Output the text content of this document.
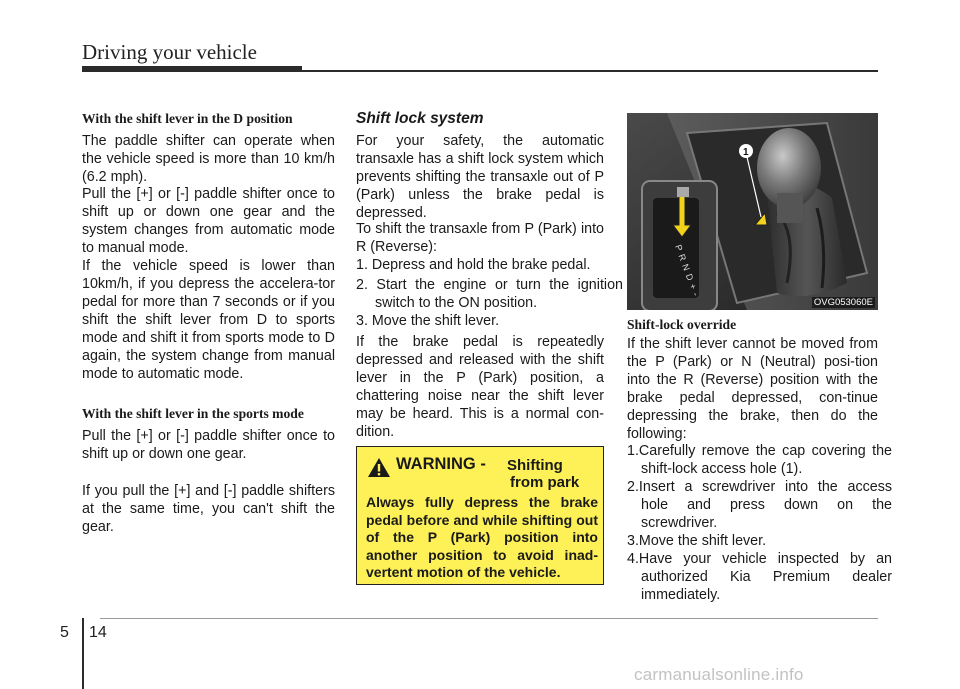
Driving your vehicle

With the shift lever in the D position

The paddle shifter can operate when the vehicle speed is more than 10 km/h (6.2 mph).

Pull the [+] or [-] paddle shifter once to shift up or down one gear and the system changes from automatic mode to manual mode.

If the vehicle speed is lower than 10km/h, if you depress the accelera-tor pedal for more than 7 seconds or if you shift the shift lever from D to sports mode and shift it from sports mode to D again, the system change from manual mode to automatic mode.

With the shift lever in the sports mode

Pull the [+] or [-] paddle shifter once to shift up or down one gear.

If you pull the [+] and [-] paddle shifters at the same time, you can't shift the gear.

Shift lock system

For your safety, the automatic transaxle has a shift lock system which prevents shifting the transaxle out of P (Park) unless the brake pedal is depressed.

To shift the transaxle from P (Park) into R (Reverse):

1. Depress and hold the brake pedal.

2. Start the engine or turn the ignition switch to the ON position.

3. Move the shift lever.

If the brake pedal is repeatedly depressed and released with the shift lever in the P (Park) position, a chattering noise near the shift lever may be heard. This is a normal con-dition.

WARNING - Shifting
from park
Always fully depress the brake pedal before and while shifting out of the P (Park) position into another position to avoid inad-vertent motion of the vehicle.
PRND+-
1
OVG053060E

Shift-lock override

If the shift lever cannot be moved from the P (Park) or N (Neutral) posi-tion into the R (Reverse) position with the brake pedal depressed, con-tinue depressing the brake, then do the following:

1.Carefully remove the cap covering the shift-lock access hole (1).

2.Insert a screwdriver into the access hole and press down on the screwdriver.

3.Move the shift lever.

4.Have your vehicle inspected by an authorized Kia Premium dealer immediately.

5 14
carmanualsonline.info
